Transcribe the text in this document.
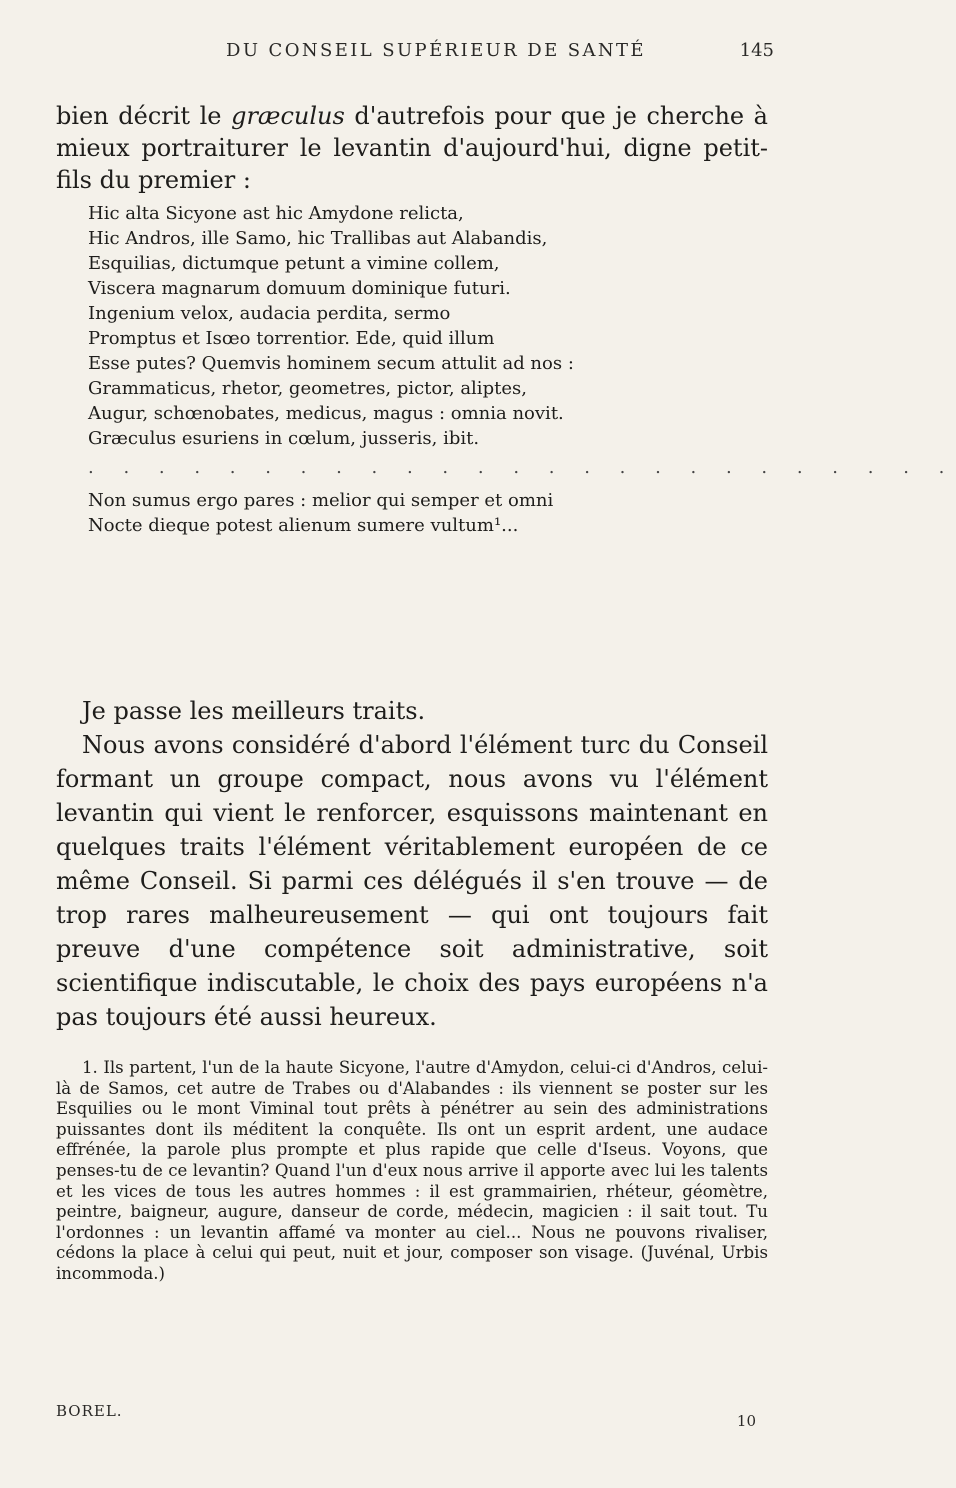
DU CONSEIL SUPÉRIEUR DE SANTÉ	145

bien décrit le græculus d'autrefois pour que je cherche à mieux portraiturer le levantin d'aujourd'hui, digne petit-fils du premier :

Hic alta Sicyone ast hic Amydone relicta,
Hic Andros, ille Samo, hic Trallibas aut Alabandis,
Esquilias, dictumque petunt a vimine collem,
Viscera magnarum domuum dominique futuri.
Ingenium velox, audacia perdita, sermo
Promptus et Isœo torrentior. Ede, quid illum
Esse putes? Quemvis hominem secum attulit ad nos :
Grammaticus, rhetor, geometres, pictor, aliptes,
Augur, schœnobates, medicus, magus : omnia novit.
Græculus esuriens in cœlum, jusseris, ibit.
. . . . . . . . . . . . . . . . . . . . . . . . .
Non sumus ergo pares : melior qui semper et omni
Nocte dieque potest alienum sumere vultum¹...

Je passe les meilleurs traits.

Nous avons considéré d'abord l'élément turc du Conseil formant un groupe compact, nous avons vu l'élément levantin qui vient le renforcer, esquissons maintenant en quelques traits l'élément véritablement européen de ce même Conseil. Si parmi ces délégués il s'en trouve — de trop rares malheureusement — qui ont toujours fait preuve d'une compétence soit administrative, soit scientifique indiscutable, le choix des pays européens n'a pas toujours été aussi heureux.

1. Ils partent, l'un de la haute Sicyone, l'autre d'Amydon, celui-ci d'Andros, celui-là de Samos, cet autre de Trabes ou d'Alabandes : ils viennent se poster sur les Esquilies ou le mont Viminal tout prêts à pénétrer au sein des administrations puissantes dont ils méditent la conquête. Ils ont un esprit ardent, une audace effrénée, la parole plus prompte et plus rapide que celle d'Iseus. Voyons, que penses-tu de ce levantin? Quand l'un d'eux nous arrive il apporte avec lui les talents et les vices de tous les autres hommes : il est grammairien, rhéteur, géomètre, peintre, baigneur, augure, danseur de corde, médecin, magicien : il sait tout. Tu l'ordonnes : un levantin affamé va monter au ciel... Nous ne pouvons rivaliser, cédons la place à celui qui peut, nuit et jour, composer son visage. (Juvénal, Urbis incommoda.)

BOREL.
10
